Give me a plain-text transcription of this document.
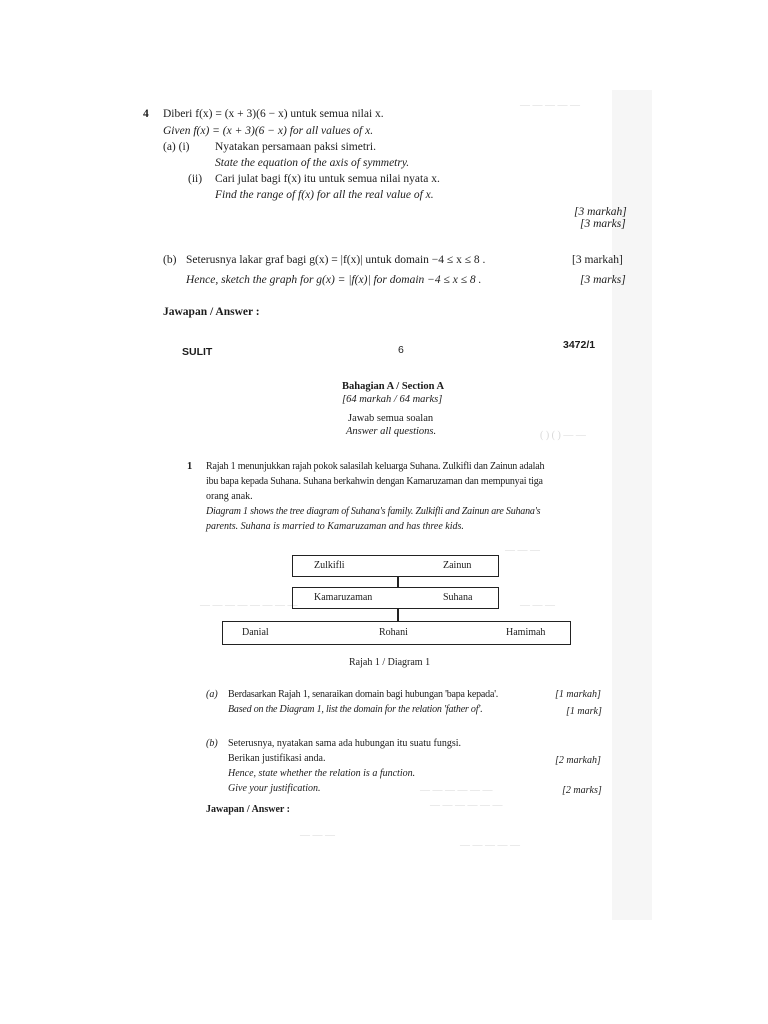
— — — — —
( ) ( ) — —
— — —
— — — — — — — —	— — —
— — — — — —
— — — — — —
— — —
— — — — —
4 Diberi f(x) = (x + 3)(6 − x) untuk semua nilai x.
Given f(x) = (x + 3)(6 − x) for all values of x.
(a) (i) Nyatakan persamaan paksi simetri.
State the equation of the axis of symmetry.
(ii) Cari julat bagi f(x) itu untuk semua nilai nyata x.
Find the range of f(x) for all the real value of x.
[3 markah]
[3 marks]
(b) Seterusnya lakar graf bagi g(x) = |f(x)| untuk domain −4 ≤ x ≤ 8 .	[3 markah]
Hence, sketch the graph for g(x) = |f(x)| for domain −4 ≤ x ≤ 8 .	[3 marks]
Jawapan / Answer :
SULIT	6	3472/1
Bahagian A / Section A
[64 markah / 64 marks]
Jawab semua soalan
Answer all questions.
1 Rajah 1 menunjukkan rajah pokok salasilah keluarga Suhana. Zulkifli dan Zainun adalah
ibu bapa kepada Suhana. Suhana berkahwin dengan Kamaruzaman dan mempunyai tiga
orang anak.
Diagram 1 shows the tree diagram of Suhana's family. Zulkifli and Zainun are Suhana's
parents. Suhana is married to Kamaruzaman and has three kids.
Zulkifli	Zainun
Kamaruzaman	Suhana
Danial	Rohani	Hamimah
Rajah 1 / Diagram 1
(a) Berdasarkan Rajah 1, senaraikan domain bagi hubungan 'bapa kepada'.	[1 markah]
Based on the Diagram 1, list the domain for the relation 'father of'.	[1 mark]
(b) Seterusnya, nyatakan sama ada hubungan itu suatu fungsi.
Berikan justifikasi anda.	[2 markah]
Hence, state whether the relation is a function.
Give your justification.	[2 marks]
Jawapan / Answer :
